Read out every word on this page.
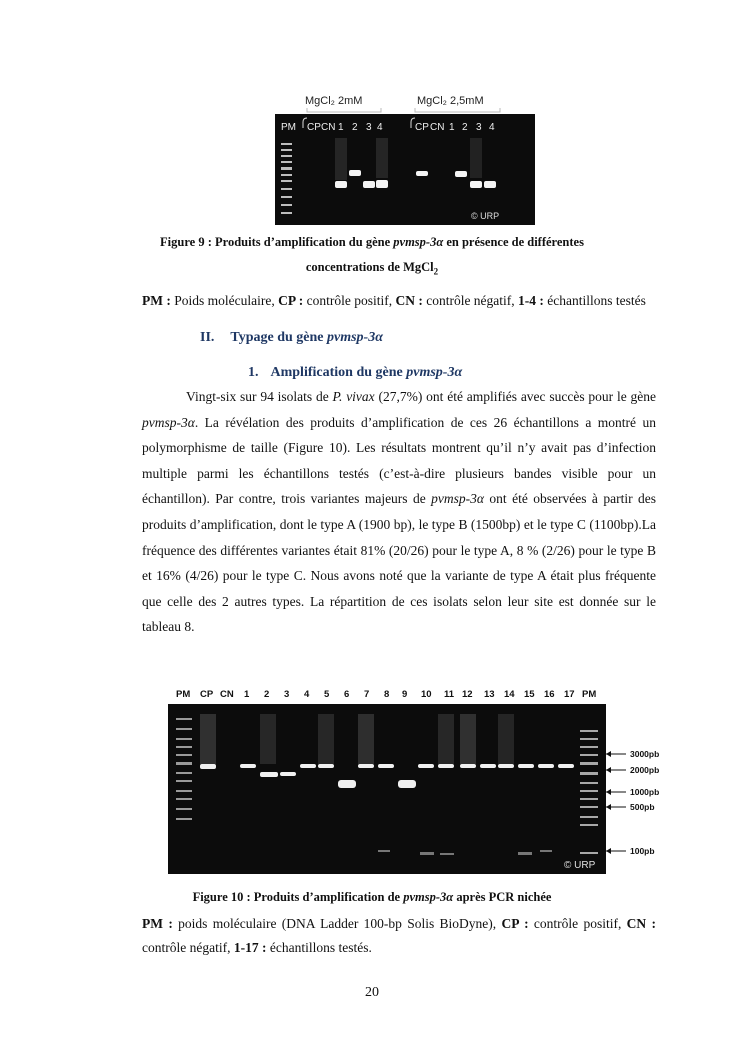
MgCl₂ 2mM	MgCl₂ 2,5mM
PM CP CN 1 2 3 4	CP CN 1 2 3 4
© URP
Figure 9 : Produits d’amplification du gène pvmsp-3α en présence de différentes
concentrations de MgCl$_2$
PM : Poids moléculaire, CP : contrôle positif, CN : contrôle négatif, 1-4 : échantillons testés
II. Typage du gène pvmsp-3α
1. Amplification du gène pvmsp-3α

Vingt-six sur 94 isolats de P. vivax (27,7%) ont été amplifiés avec succès pour le gène pvmsp-3α. La révélation des produits d’amplification de ces 26 échantillons a montré un polymorphisme de taille (Figure 10). Les résultats montrent qu’il n’y avait pas d’infection multiple parmi les échantillons testés (c’est-à-dire plusieurs bandes visible pour un échantillon). Par contre, trois variantes majeurs de pvmsp-3α ont été observées à partir des produits d’amplification, dont le type A (1900 bp), le type B (1500bp) et le type C (1100bp).La fréquence des différentes variantes était 81% (20/26) pour le type A, 8 % (2/26) pour le type B et 16% (4/26) pour le type C. Nous avons noté que la variante de type A était plus fréquente que celle des 2 autres types. La répartition de ces isolats selon leur site est donnée sur le tableau 8.

PM CP CN 1 2 3 4 5 6 7 8 9 10 11 12 13 14 15 16 17 PM
3000pb
2000pb
1000pb
500pb
100pb
© URP
Figure 10 : Produits d’amplification de pvmsp-3α après PCR nichée
PM : poids moléculaire (DNA Ladder 100-bp Solis BioDyne), CP : contrôle positif, CN : contrôle négatif, 1-17 : échantillons testés.
20
